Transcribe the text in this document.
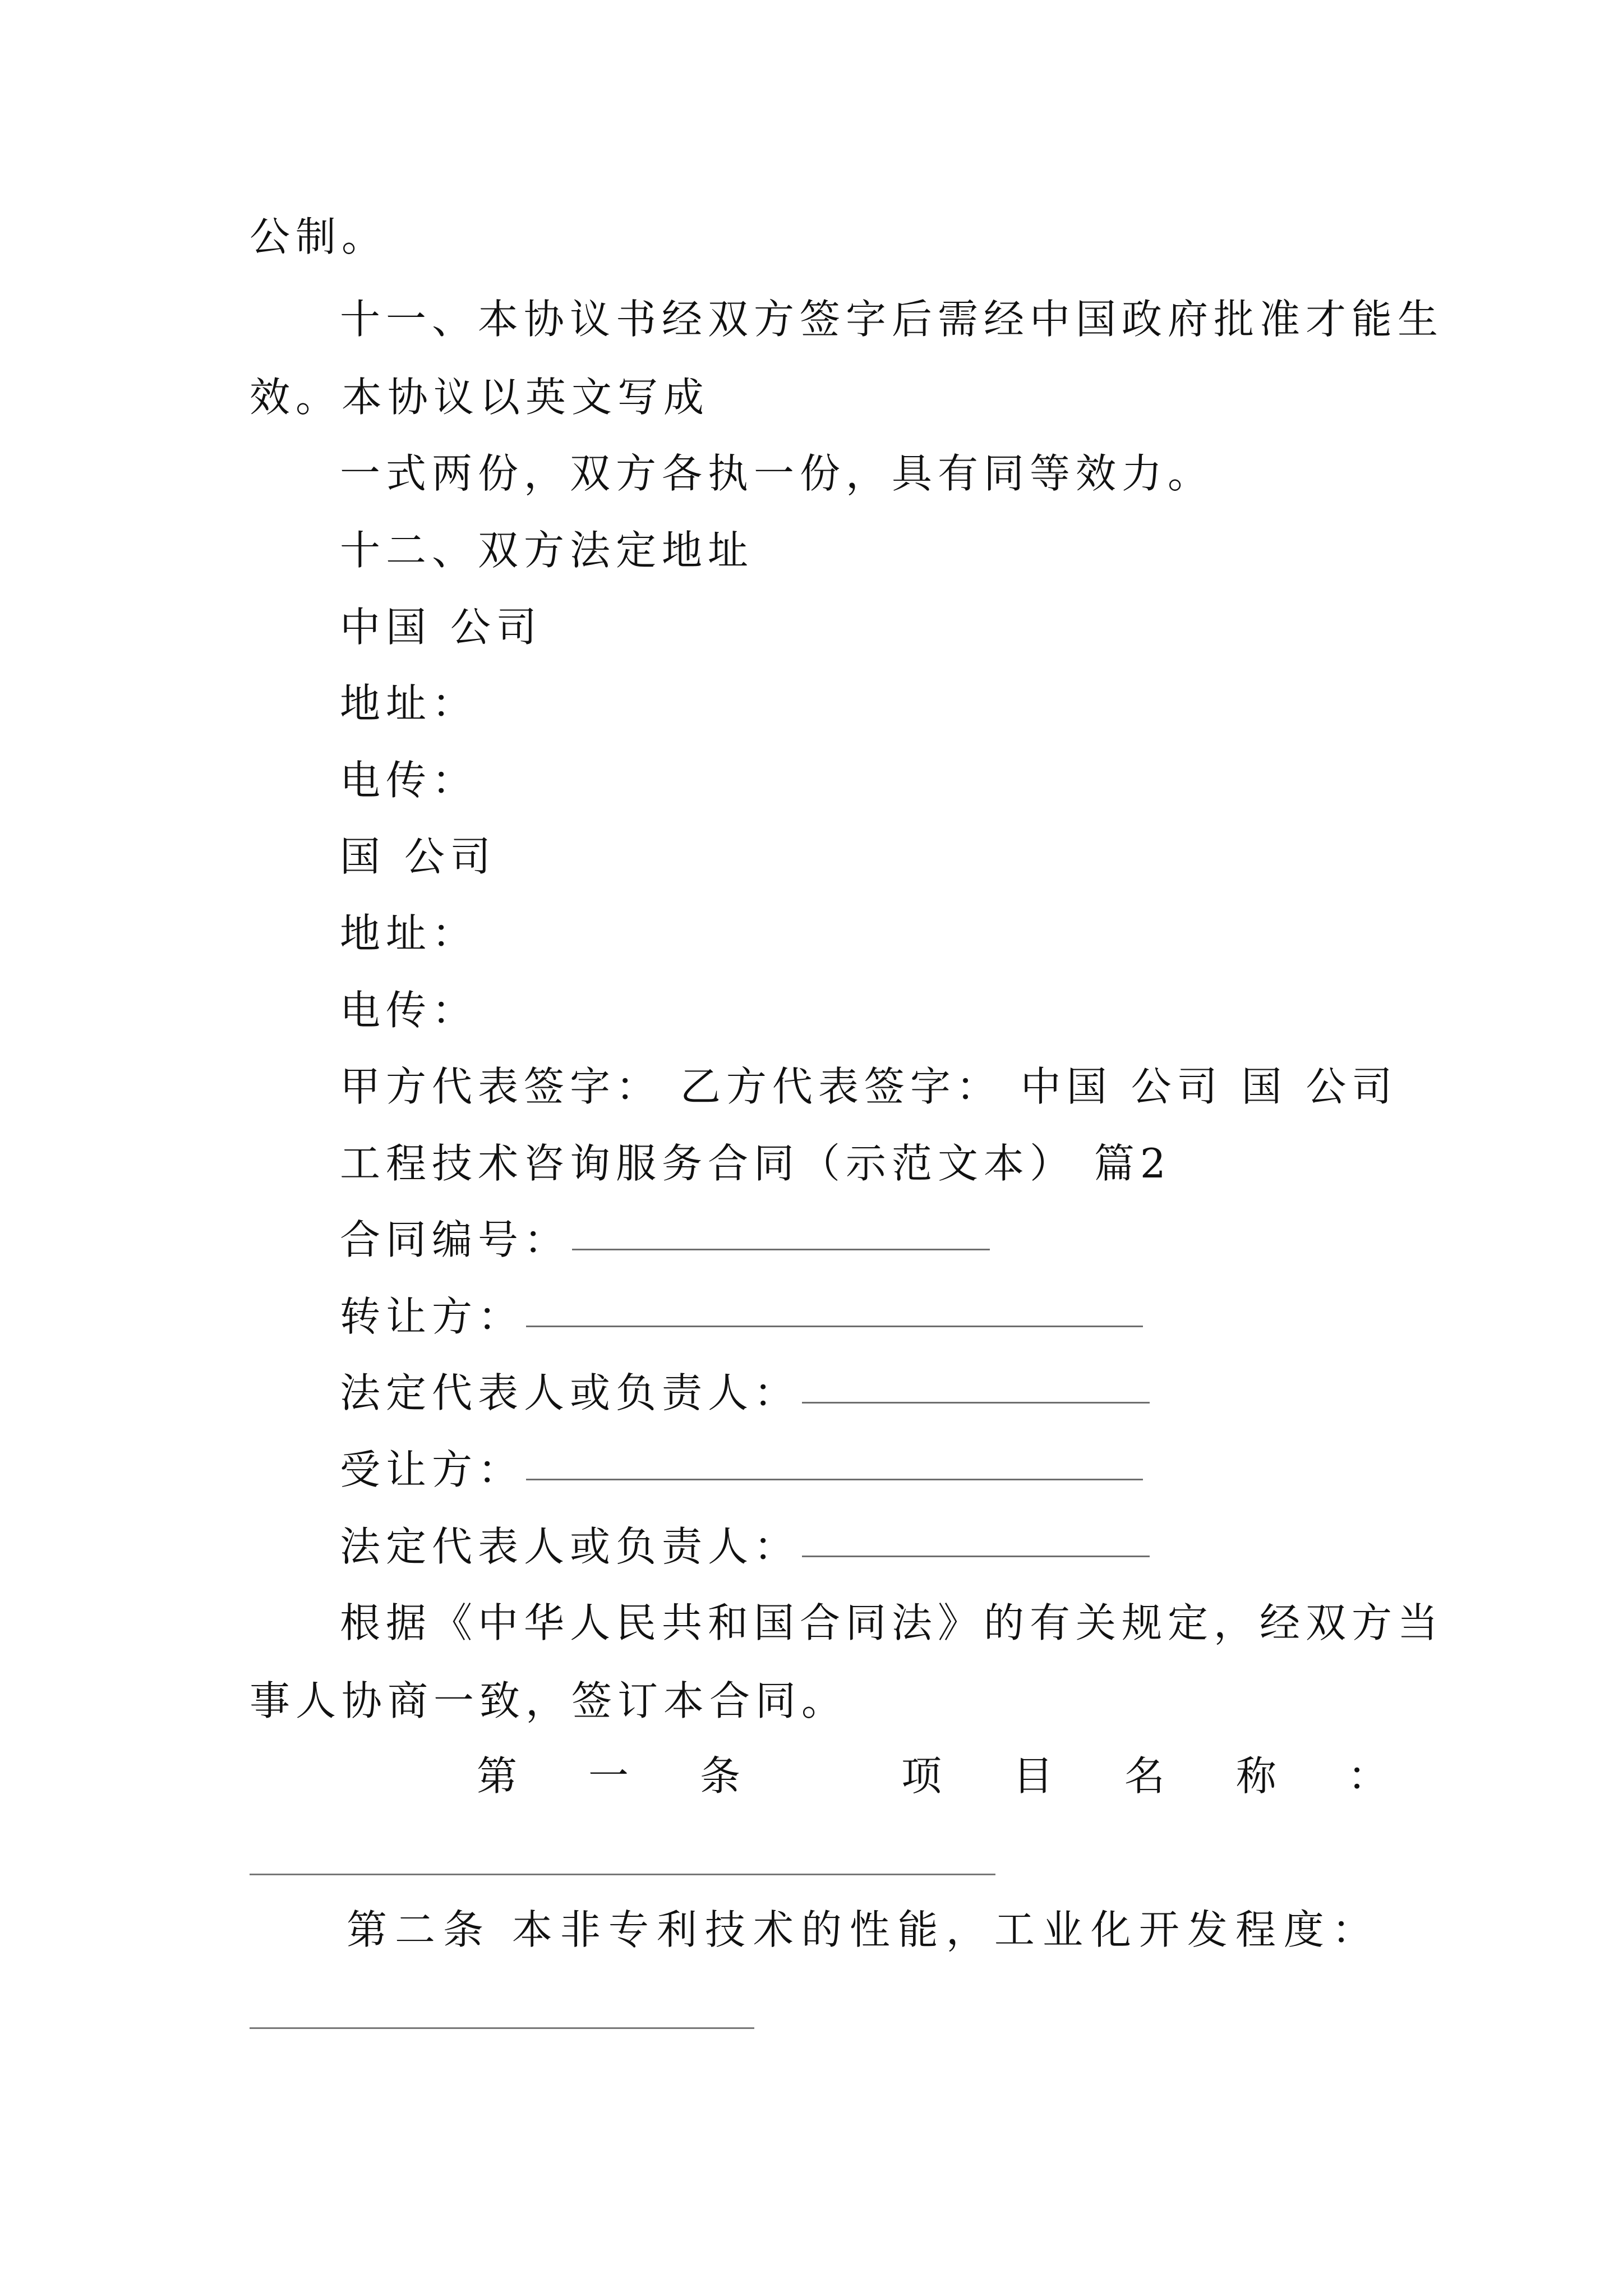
公制。
十一、本协议书经双方签字后需经中国政府批准才能生
效。本协议以英文写成
一式两份，双方各执一份，具有同等效力。
十二、双方法定地址
中国 公司
地址：
电传：
国 公司
地址：
电传：
甲方代表签字： 乙方代表签字： 中国 公司 国 公司
工程技术咨询服务合同（示范文本） 篇2
合同编号：
转让方：
法定代表人或负责人：
受让方：
法定代表人或负责人：
根据《中华人民共和国合同法》的有关规定，经双方当
事人协商一致，签订本合同。
第 一 条	项 目 名 称 ：
第二条 本非专利技术的性能，工业化开发程度：
